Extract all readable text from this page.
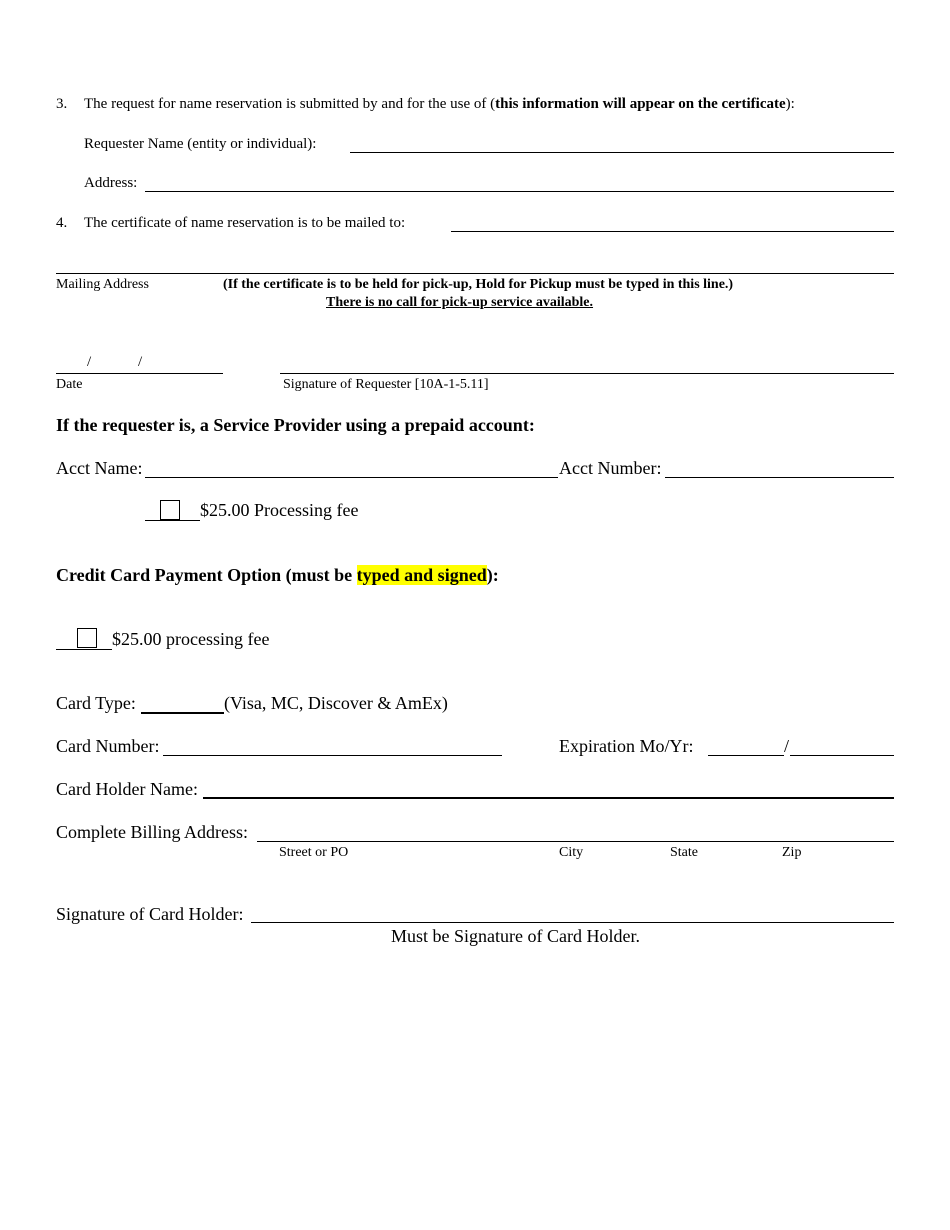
3. The request for name reservation is submitted by and for the use of (this information will appear on the certificate):
Requester Name (entity or individual):
Address:
4. The certificate of name reservation is to be mailed to:
Mailing Address	(If the certificate is to be held for pick-up, Hold for Pickup must be typed in this line.)
There is no call for pick-up service available.
/	/
Date	Signature of Requester [10A-1-5.11]
If the requester is, a Service Provider using a prepaid account:
Acct Name:	Acct Number:
$25.00 Processing fee
Credit Card Payment Option (must be typed and signed):
$25.00 processing fee
Card Type:	(Visa, MC, Discover & AmEx)
Card Number:	Expiration Mo/Yr:	/
Card Holder Name:
Complete Billing Address:
Street or PO	City	State	Zip
Signature of Card Holder:
Must be Signature of Card Holder.
